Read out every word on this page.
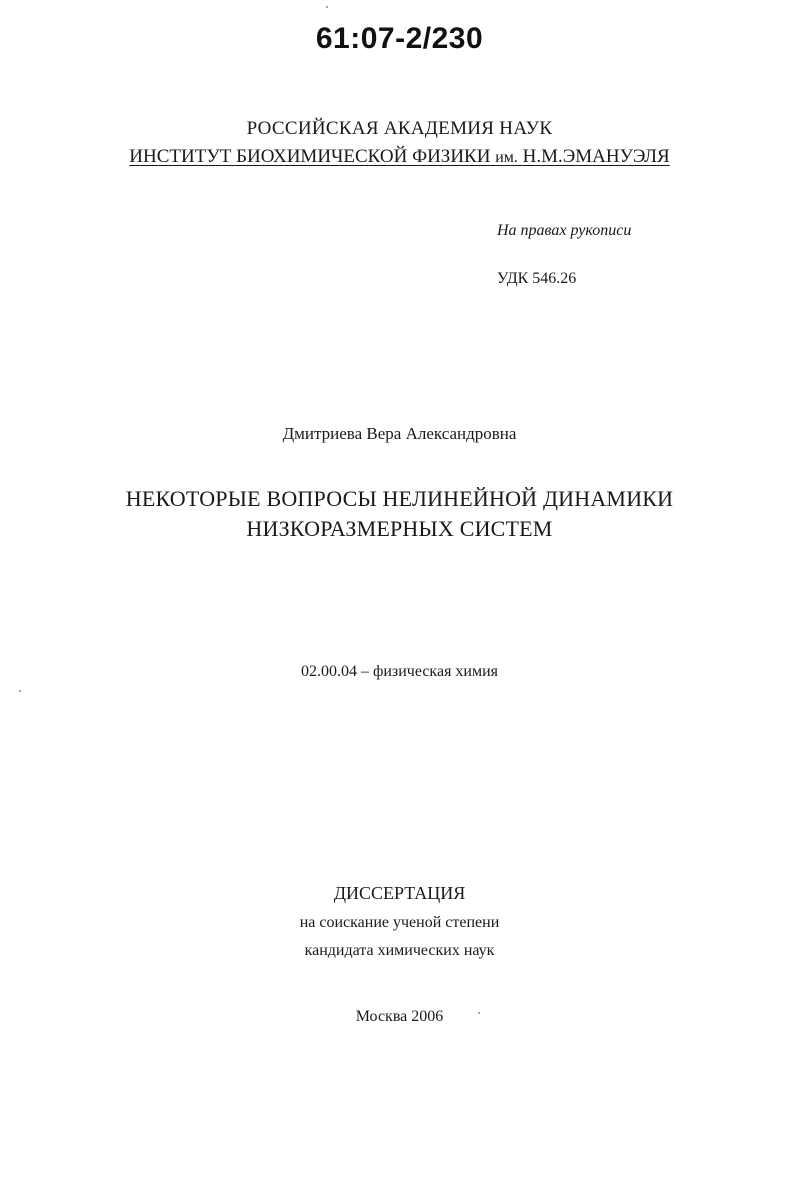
61:07-2/230
РОССИЙСКАЯ АКАДЕМИЯ НАУК
ИНСТИТУТ БИОХИМИЧЕСКОЙ ФИЗИКИ им. Н.М.ЭМАНУЭЛЯ
На правах рукописи
УДК 546.26
Дмитриева Вера Александровна
НЕКОТОРЫЕ ВОПРОСЫ НЕЛИНЕЙНОЙ ДИНАМИКИ
НИЗКОРАЗМЕРНЫХ СИСТЕМ
02.00.04 – физическая химия
ДИССЕРТАЦИЯ
на соискание ученой степени
кандидата химических наук
Москва 2006
